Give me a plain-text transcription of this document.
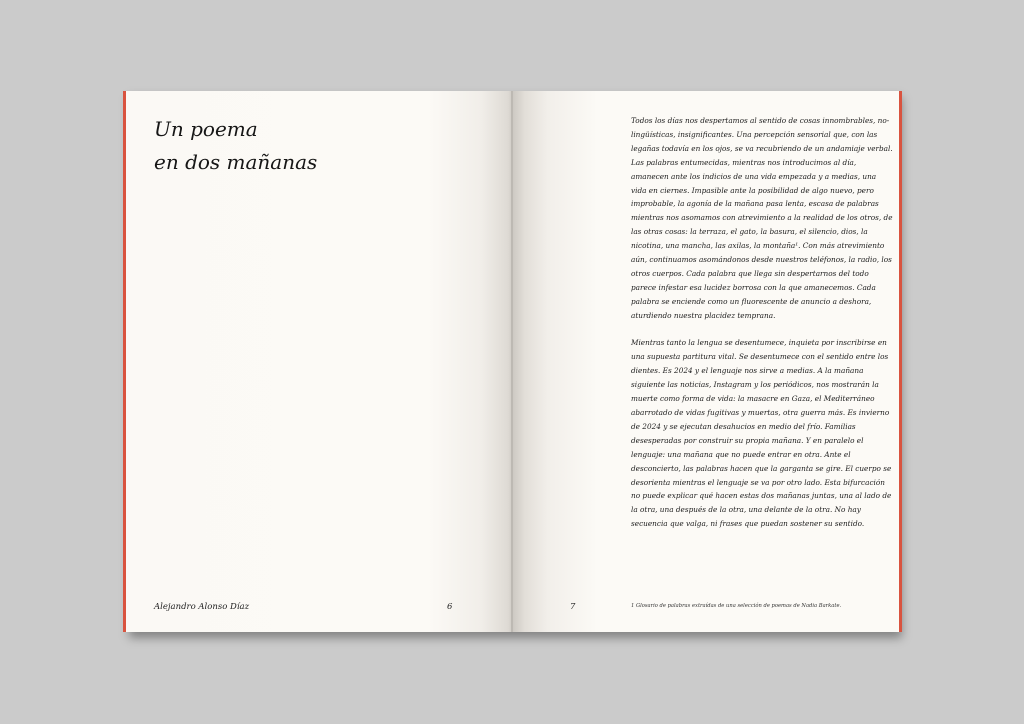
Un poema
en dos mañanas
Alejandro Alonso Díaz	6

Todos los días nos despertamos al sentido de cosas innombrables, no-lingüísticas, insignificantes. Una percepción sensorial que, con las legañas todavía en los ojos, se va recubriendo de un andamiaje verbal. Las palabras entumecidas, mientras nos introducimos al día, amanecen ante los indicios de una vida empezada y a medias, una vida en ciernes. Impasible ante la posibilidad de algo nuevo, pero improbable, la agonía de la mañana pasa lenta, escasa de palabras mientras nos asomamos con atrevimiento a la realidad de los otros, de las otras cosas: la terraza, el gato, la basura, el silencio, dios, la nicotina, una mancha, las axilas, la montaña¹. Con más atrevimiento aún, continuamos asomándonos desde nuestros teléfonos, la radio, los otros cuerpos. Cada palabra que llega sin despertarnos del todo parece infestar esa lucidez borrosa con la que amanecemos. Cada palabra se enciende como un fluorescente de anuncio a deshora, aturdiendo nuestra placidez temprana.

Mientras tanto la lengua se desentumece, inquieta por inscribirse en una supuesta partitura vital. Se desentumece con el sentido entre los dientes. Es 2024 y el lenguaje nos sirve a medias. A la mañana siguiente las noticias, Instagram y los periódicos, nos mostrarán la muerte como forma de vida: la masacre en Gaza, el Mediterráneo abarrotado de vidas fugitivas y muertas, otra guerra más. Es invierno de 2024 y se ejecutan desahucios en medio del frío. Familias desesperadas por construir su propia mañana. Y en paralelo el lenguaje: una mañana que no puede entrar en otra. Ante el desconcierto, las palabras hacen que la garganta se gire. El cuerpo se desorienta mientras el lenguaje se va por otro lado. Esta bifurcación no puede explicar qué hacen estas dos mañanas juntas, una al lado de la otra, una después de la otra, una delante de la otra. No hay secuencia que valga, ni frases que puedan sostener su sentido.

7	1 Glosario de palabras extraídas de una selección de poemas de Nadia Barkate.
